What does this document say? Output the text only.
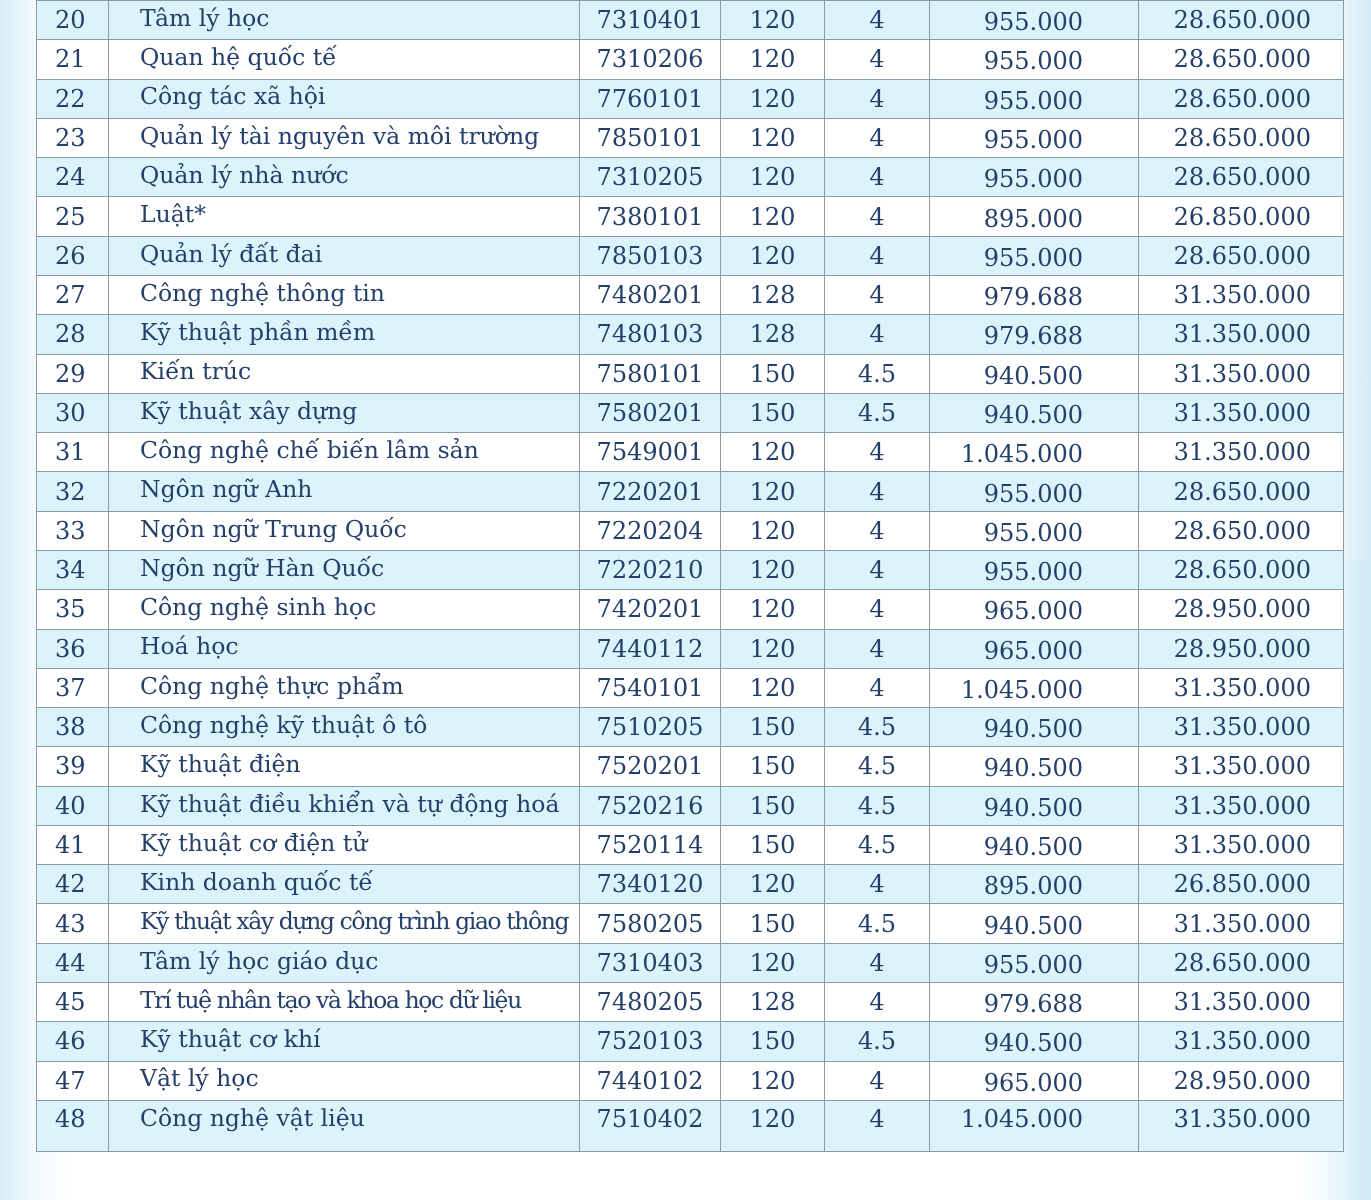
20	Tâm lý học	7310401	120	4	955.000	28.650.000
21	Quan hệ quốc tế	7310206	120	4	955.000	28.650.000
22	Công tác xã hội	7760101	120	4	955.000	28.650.000
23	Quản lý tài nguyên và môi trường	7850101	120	4	955.000	28.650.000
24	Quản lý nhà nước	7310205	120	4	955.000	28.650.000
25	Luật*	7380101	120	4	895.000	26.850.000
26	Quản lý đất đai	7850103	120	4	955.000	28.650.000
27	Công nghệ thông tin	7480201	128	4	979.688	31.350.000
28	Kỹ thuật phần mềm	7480103	128	4	979.688	31.350.000
29	Kiến trúc	7580101	150	4.5	940.500	31.350.000
30	Kỹ thuật xây dựng	7580201	150	4.5	940.500	31.350.000
31	Công nghệ chế biến lâm sản	7549001	120	4	1.045.000	31.350.000
32	Ngôn ngữ Anh	7220201	120	4	955.000	28.650.000
33	Ngôn ngữ Trung Quốc	7220204	120	4	955.000	28.650.000
34	Ngôn ngữ Hàn Quốc	7220210	120	4	955.000	28.650.000
35	Công nghệ sinh học	7420201	120	4	965.000	28.950.000
36	Hoá học	7440112	120	4	965.000	28.950.000
37	Công nghệ thực phẩm	7540101	120	4	1.045.000	31.350.000
38	Công nghệ kỹ thuật ô tô	7510205	150	4.5	940.500	31.350.000
39	Kỹ thuật điện	7520201	150	4.5	940.500	31.350.000
40	Kỹ thuật điều khiển và tự động hoá	7520216	150	4.5	940.500	31.350.000
41	Kỹ thuật cơ điện tử	7520114	150	4.5	940.500	31.350.000
42	Kinh doanh quốc tế	7340120	120	4	895.000	26.850.000
43	Kỹ thuật xây dựng công trình giao thông	7580205	150	4.5	940.500	31.350.000
44	Tâm lý học giáo dục	7310403	120	4	955.000	28.650.000
45	Trí tuệ nhân tạo và khoa học dữ liệu	7480205	128	4	979.688	31.350.000
46	Kỹ thuật cơ khí	7520103	150	4.5	940.500	31.350.000
47	Vật lý học	7440102	120	4	965.000	28.950.000
48	Công nghệ vật liệu	7510402	120	4	1.045.000	31.350.000
